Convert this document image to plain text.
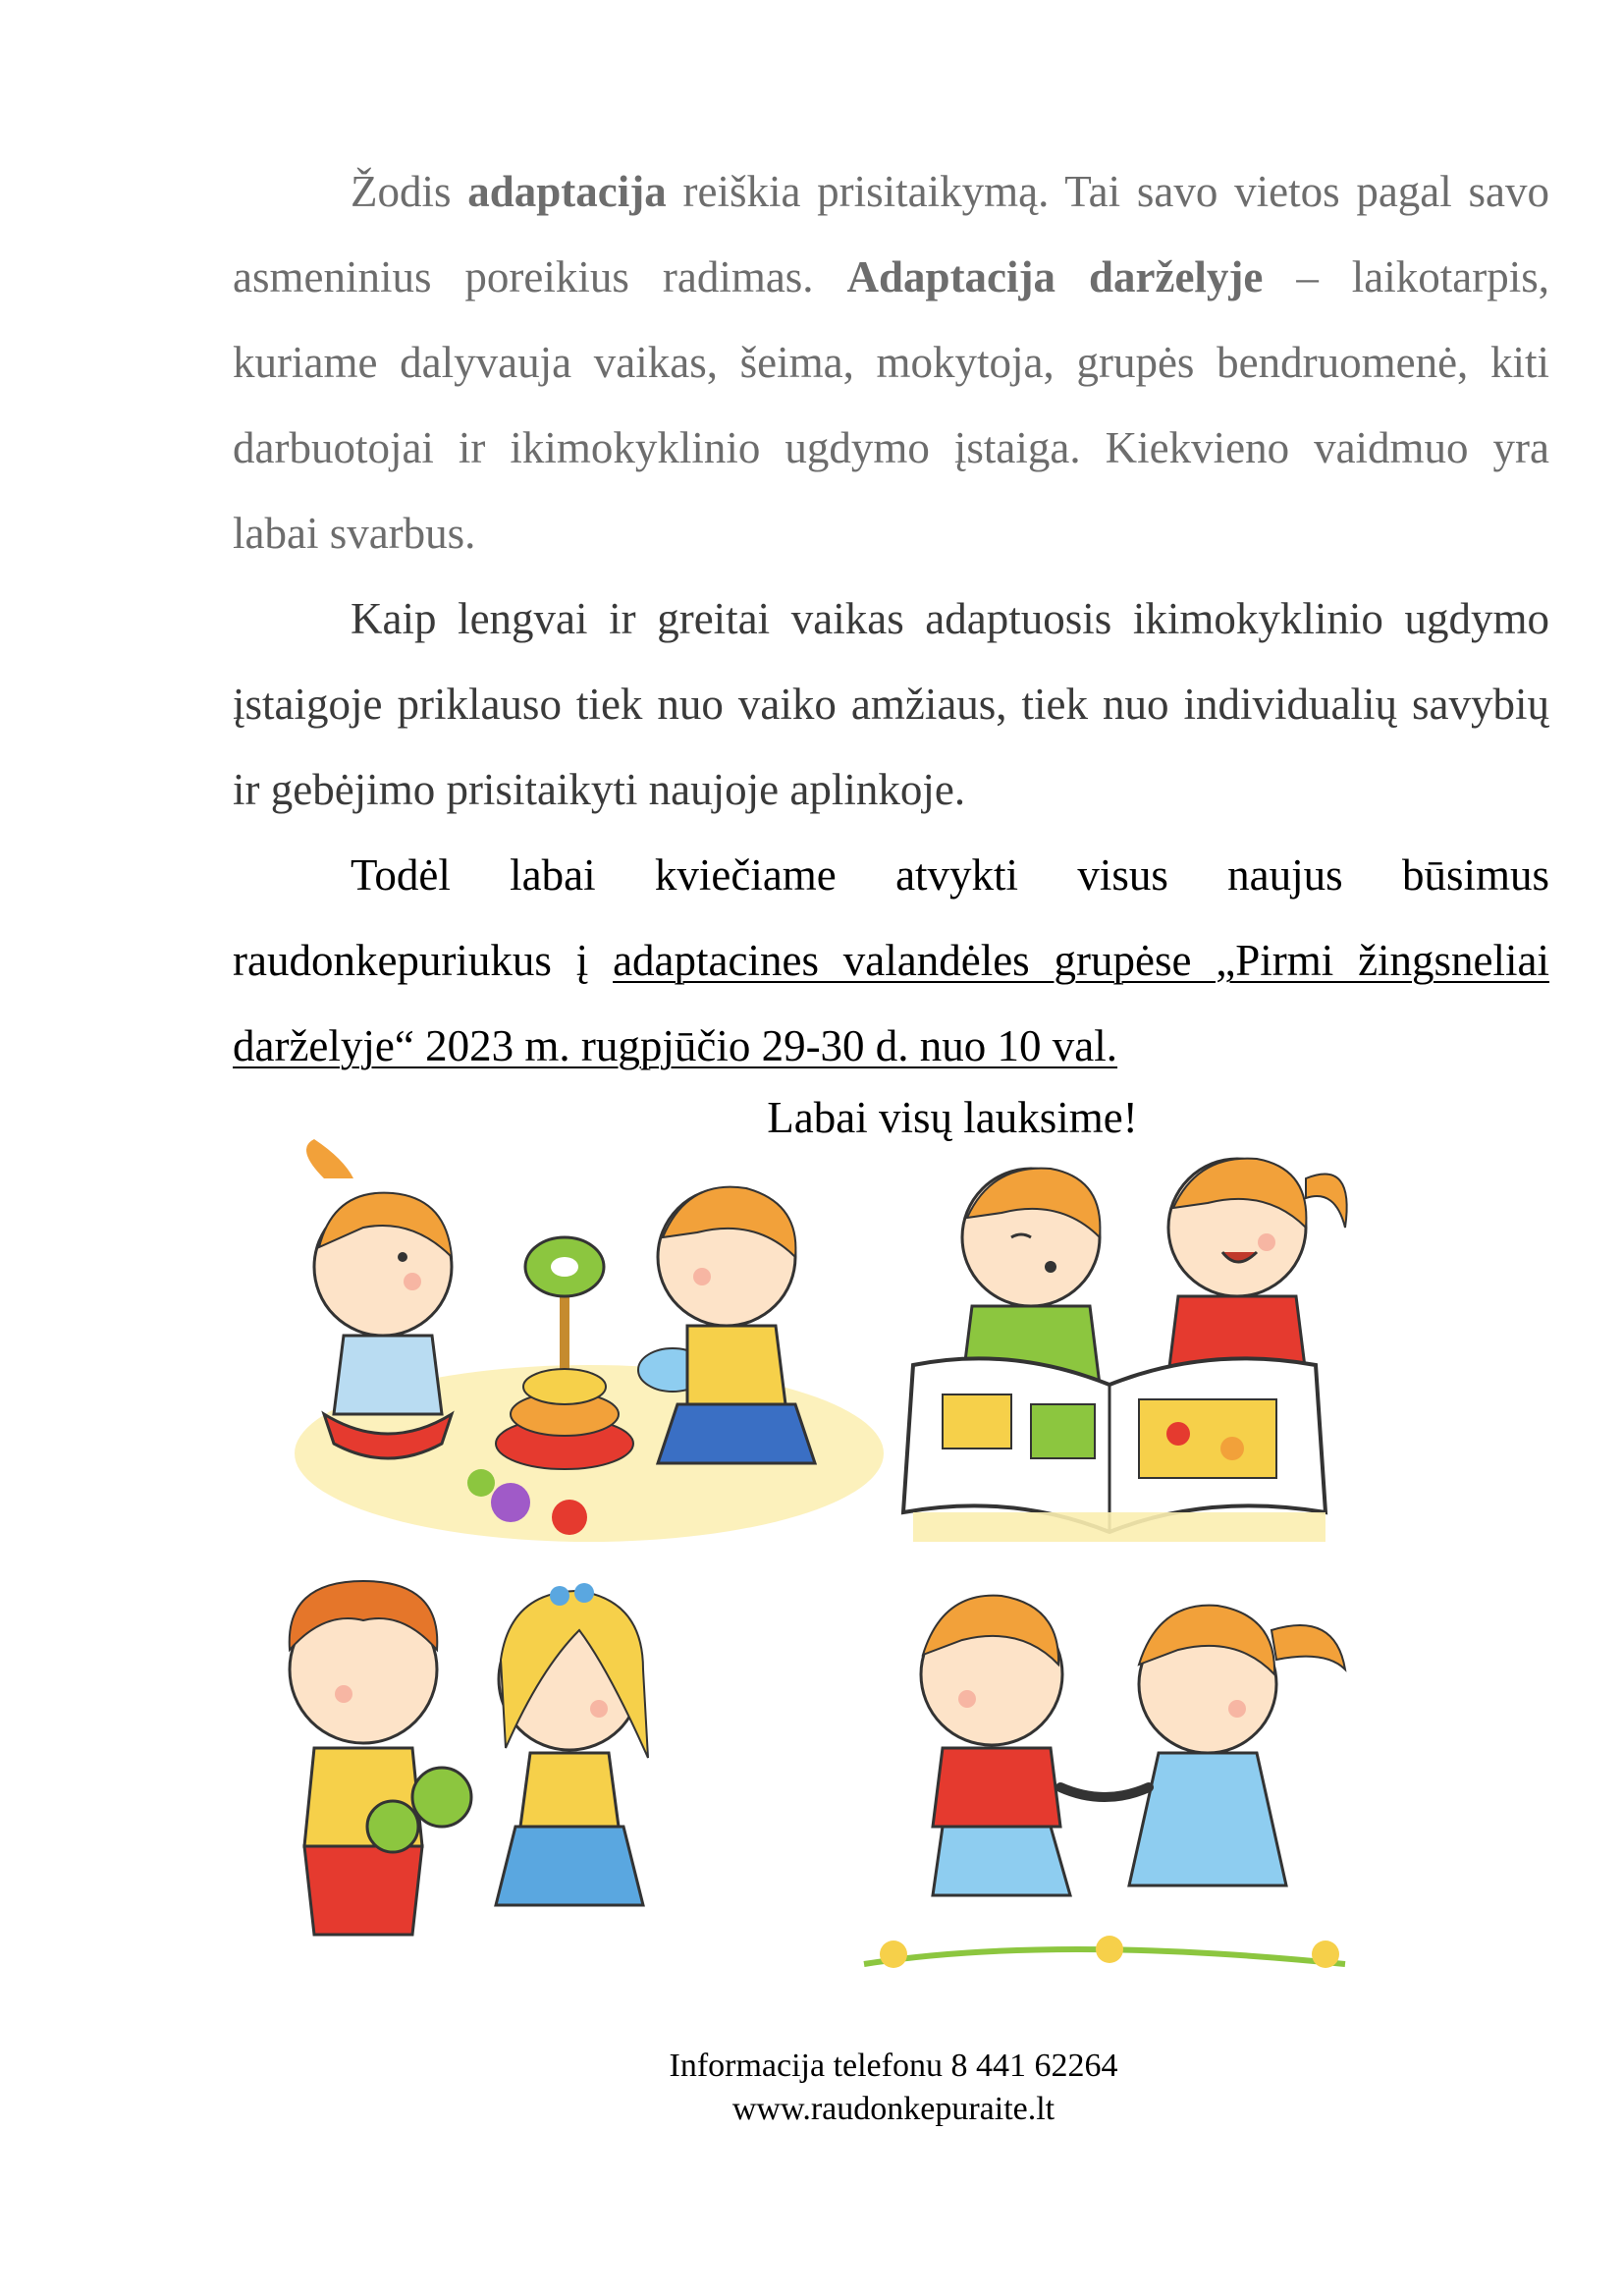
Žodis adaptacija reiškia prisitaikymą. Tai savo vietos pagal savo asmeninius poreikius radimas. Adaptacija darželyje – laikotarpis, kuriame dalyvauja vaikas, šeima, mokytoja, grupės bendruomenė, kiti darbuotojai ir ikimokyklinio ugdymo įstaiga. Kiekvieno vaidmuo yra labai svarbus.

Kaip lengvai ir greitai vaikas adaptuosis ikimokyklinio ugdymo įstaigoje priklauso tiek nuo vaiko amžiaus, tiek nuo individualių savybių ir gebėjimo prisitaikyti naujoje aplinkoje.

Todėl labai kviečiame atvykti visus naujus būsimus raudonkepuriukus į adaptacines valandėles grupėse „Pirmi žingsneliai darželyje“ 2023 m. rugpjūčio 29-30 d. nuo 10 val.

Labai visų lauksime!
Informacija telefonu 8 441 62264
www.raudonkepuraite.lt
